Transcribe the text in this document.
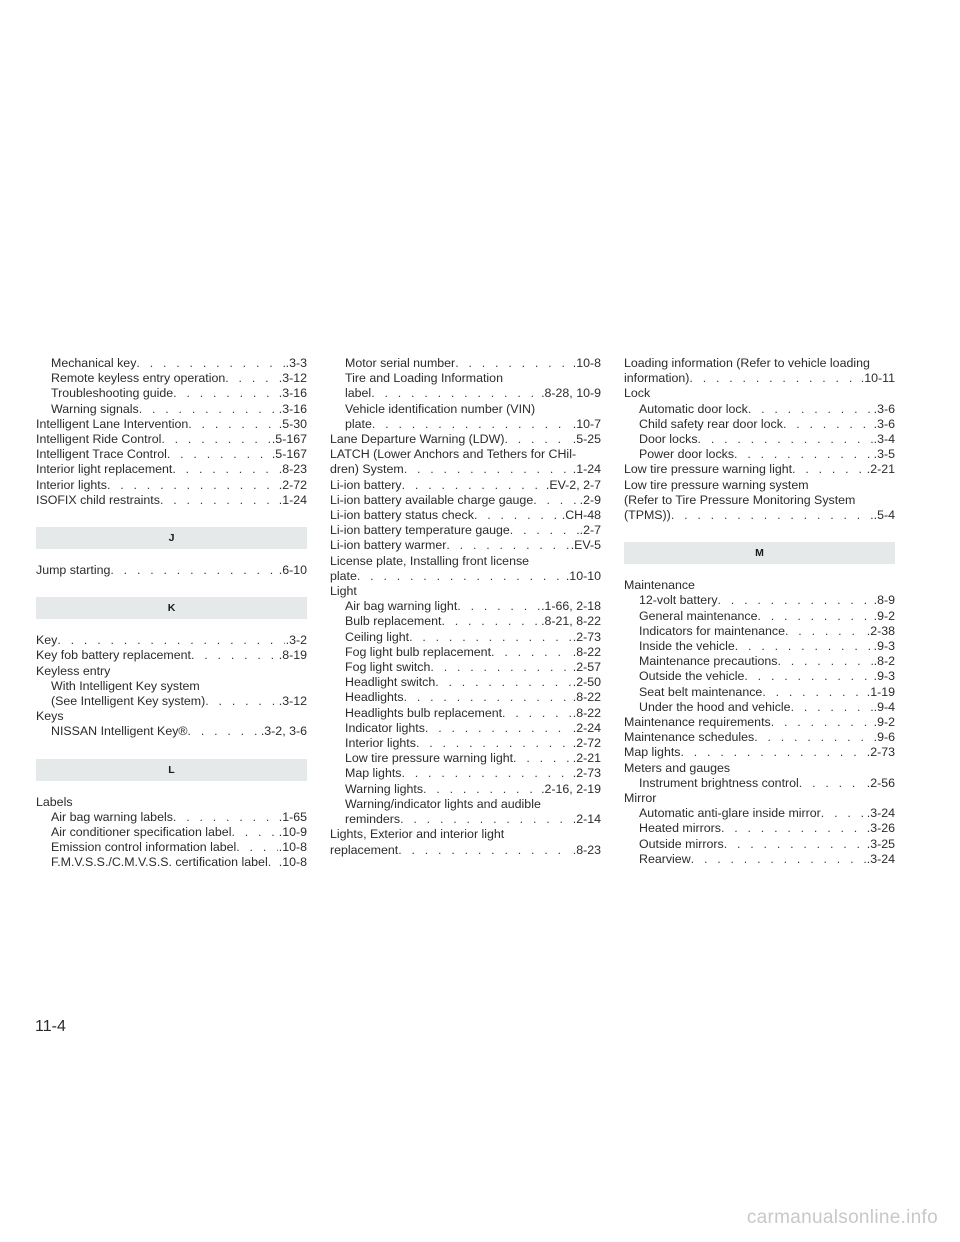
Mechanical key . . .	.3-3
Remote keyless entry operation . . .	.3-12
Troubleshooting guide . . .	.3-16
Warning signals . . .	.3-16
Intelligent Lane Intervention . . .	.5-30
Intelligent Ride Control . . .	.5-167
Intelligent Trace Control . . .	.5-167
Interior light replacement . . .	.8-23
Interior lights . . .	.2-72
ISOFIX child restraints . . .	.1-24
J
Jump starting . . .	.6-10
K
Key . . .	.3-2
Key fob battery replacement . . .	.8-19
Keyless entry
With Intelligent Key system
(See Intelligent Key system) . . .	.3-12
Keys
NISSAN Intelligent Key® . . .	.3-2, 3-6
L
Labels
Air bag warning labels . . .	.1-65
Air conditioner specification label . . .	.10-9
Emission control information label . . .	.10-8
F.M.V.S.S./C.M.V.S.S. certification label . . . .10-8
Motor serial number . . .	.10-8
Tire and Loading Information
label . . .	.8-28, 10-9
Vehicle identification number (VIN)
plate . . .	.10-7
Lane Departure Warning (LDW) . . .	.5-25
LATCH (Lower Anchors and Tethers for CHil-
dren) System . . .	.1-24
Li-ion battery . . .	.EV-2, 2-7
Li-ion battery available charge gauge . . .	.2-9
Li-ion battery status check . . .	.CH-48
Li-ion battery temperature gauge . . .	.2-7
Li-ion battery warmer . . .	.EV-5
License plate, Installing front license
plate . . .	.10-10
Light
Air bag warning light . . .	.1-66, 2-18
Bulb replacement . . .	.8-21, 8-22
Ceiling light . . .	.2-73
Fog light bulb replacement . . .	.8-22
Fog light switch . . .	.2-57
Headlight switch . . .	.2-50
Headlights . . .	.8-22
Headlights bulb replacement . . .	.8-22
Indicator lights . . .	.2-24
Interior lights . . .	.2-72
Low tire pressure warning light . . .	.2-21
Map lights . . .	.2-73
Warning lights . . .	.2-16, 2-19
Warning/indicator lights and audible
reminders . . .	.2-14
Lights, Exterior and interior light
replacement . . .	.8-23
Loading information (Refer to vehicle loading
information) . . .	.10-11
Lock
Automatic door lock . . .	.3-6
Child safety rear door lock . . .	.3-6
Door locks . . .	.3-4
Power door locks . . .	.3-5
Low tire pressure warning light . . .	.2-21
Low tire pressure warning system
(Refer to Tire Pressure Monitoring System
(TPMS)) . . .	.5-4
M
Maintenance
12-volt battery . . .	.8-9
General maintenance . . .	.9-2
Indicators for maintenance . . .	.2-38
Inside the vehicle . . .	.9-3
Maintenance precautions . . .	.8-2
Outside the vehicle . . .	.9-3
Seat belt maintenance . . .	.1-19
Under the hood and vehicle . . .	.9-4
Maintenance requirements . . .	.9-2
Maintenance schedules . . .	.9-6
Map lights . . .	.2-73
Meters and gauges
Instrument brightness control . . .	.2-56
Mirror
Automatic anti-glare inside mirror . . .	.3-24
Heated mirrors . . .	.3-26
Outside mirrors . . .	.3-25
Rearview . . .	.3-24
11-4
carmanualsonline.info
